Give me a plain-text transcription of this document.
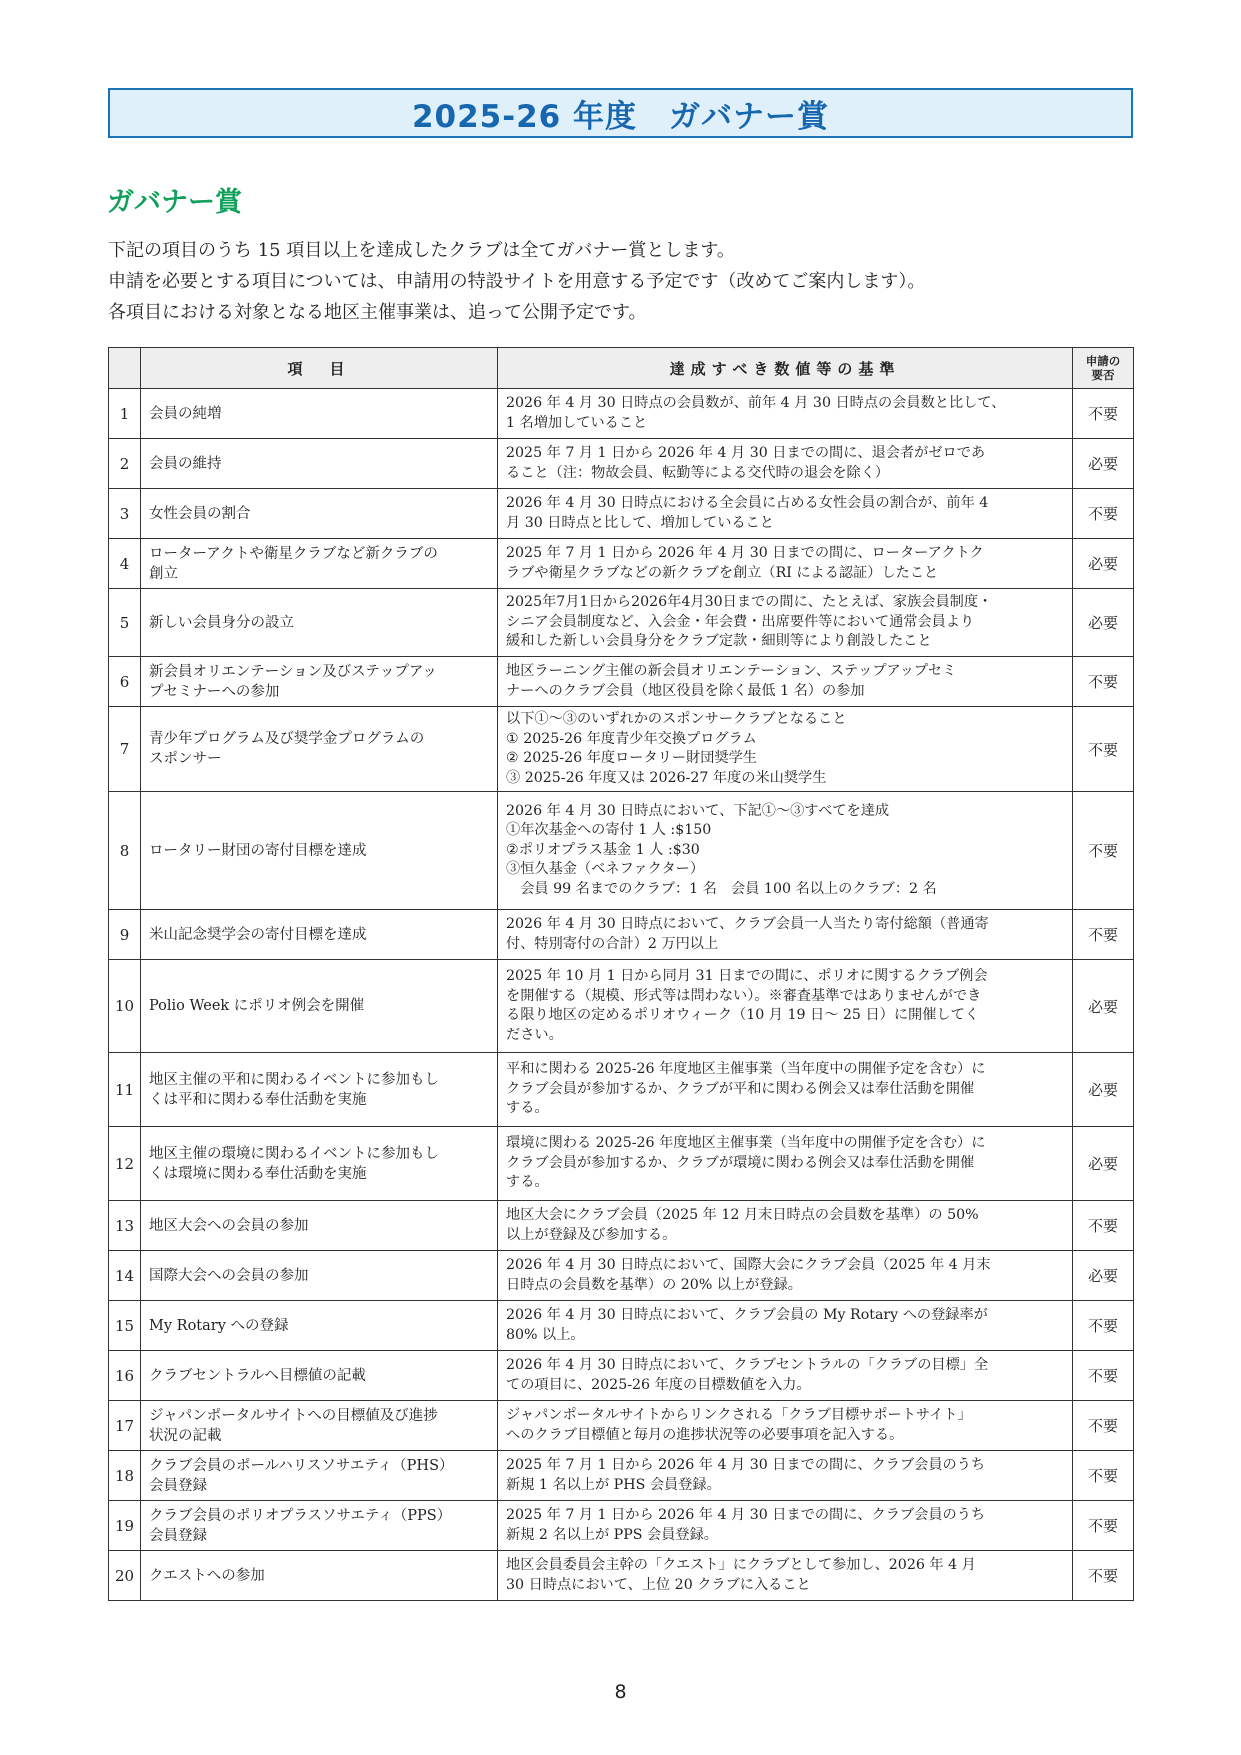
2025-26 年度　ガバナー賞
ガバナー賞

下記の項目のうち 15 項目以上を達成したクラブは全てガバナー賞とします。

申請を必要とする項目については、申請用の特設サイトを用意する予定です（改めてご案内します）。

各項目における対象となる地区主催事業は、追って公開予定です。

	項　目	達成すべき数値等の基準	申請の
要否
1	会員の純増	2026 年 4 月 30 日時点の会員数が、前年 4 月 30 日時点の会員数と比して、
1 名増加していること	不要
2	会員の維持	2025 年 7 月 1 日から 2026 年 4 月 30 日までの間に、退会者がゼロであ
ること（注：物故会員、転勤等による交代時の退会を除く）	必要
3	女性会員の割合	2026 年 4 月 30 日時点における全会員に占める女性会員の割合が、前年 4
月 30 日時点と比して、増加していること	不要
4	ローターアクトや衛星クラブなど新クラブの
創立	2025 年 7 月 1 日から 2026 年 4 月 30 日までの間に、ローターアクトク
ラブや衛星クラブなどの新クラブを創立（RI による認証）したこと	必要
5	新しい会員身分の設立	2025年7月1日から2026年4月30日までの間に、たとえば、家族会員制度・
シニア会員制度など、入会金・年会費・出席要件等において通常会員より
緩和した新しい会員身分をクラブ定款・細則等により創設したこと	必要
6	新会員オリエンテーション及びステップアッ
プセミナーへの参加	地区ラーニング主催の新会員オリエンテーション、ステップアップセミ
ナーへのクラブ会員（地区役員を除く最低 1 名）の参加	不要
7	青少年プログラム及び奨学金プログラムの
スポンサー	以下①～③のいずれかのスポンサークラブとなること
① 2025-26 年度青少年交換プログラム
② 2025-26 年度ロータリー財団奨学生
③ 2025-26 年度又は 2026-27 年度の米山奨学生	不要
8	ロータリー財団の寄付目標を達成	2026 年 4 月 30 日時点において、下記①～③すべてを達成
①年次基金への寄付 1 人 :$150
②ポリオプラス基金 1 人 :$30
③恒久基金（ベネファクター）
　会員 99 名までのクラブ：1 名　会員 100 名以上のクラブ：2 名	不要
9	米山記念奨学会の寄付目標を達成	2026 年 4 月 30 日時点において、クラブ会員一人当たり寄付総額（普通寄
付、特別寄付の合計）2 万円以上	不要
10	Polio Week にポリオ例会を開催	2025 年 10 月 1 日から同月 31 日までの間に、ポリオに関するクラブ例会
を開催する（規模、形式等は問わない）。※審査基準ではありませんができ
る限り地区の定めるポリオウィーク（10 月 19 日～ 25 日）に開催してく
ださい。	必要
11	地区主催の平和に関わるイベントに参加もし
くは平和に関わる奉仕活動を実施	平和に関わる 2025-26 年度地区主催事業（当年度中の開催予定を含む）に
クラブ会員が参加するか、クラブが平和に関わる例会又は奉仕活動を開催
する。	必要
12	地区主催の環境に関わるイベントに参加もし
くは環境に関わる奉仕活動を実施	環境に関わる 2025-26 年度地区主催事業（当年度中の開催予定を含む）に
クラブ会員が参加するか、クラブが環境に関わる例会又は奉仕活動を開催
する。	必要
13	地区大会への会員の参加	地区大会にクラブ会員（2025 年 12 月末日時点の会員数を基準）の 50%
以上が登録及び参加する。	不要
14	国際大会への会員の参加	2026 年 4 月 30 日時点において、国際大会にクラブ会員（2025 年 4 月末
日時点の会員数を基準）の 20% 以上が登録。	必要
15	My Rotary への登録	2026 年 4 月 30 日時点において、クラブ会員の My Rotary への登録率が
80% 以上。	不要
16	クラブセントラルへ目標値の記載	2026 年 4 月 30 日時点において、クラブセントラルの「クラブの目標」全
ての項目に、2025-26 年度の目標数値を入力。	不要
17	ジャパンポータルサイトへの目標値及び進捗
状況の記載	ジャパンポータルサイトからリンクされる「クラブ目標サポートサイト」
へのクラブ目標値と毎月の進捗状況等の必要事項を記入する。	不要
18	クラブ会員のポールハリスソサエティ（PHS）
会員登録	2025 年 7 月 1 日から 2026 年 4 月 30 日までの間に、クラブ会員のうち
新規 1 名以上が PHS 会員登録。	不要
19	クラブ会員のポリオプラスソサエティ（PPS）
会員登録	2025 年 7 月 1 日から 2026 年 4 月 30 日までの間に、クラブ会員のうち
新規 2 名以上が PPS 会員登録。	不要
20	クエストへの参加	地区会員委員会主幹の「クエスト」にクラブとして参加し、2026 年 4 月
30 日時点において、上位 20 クラブに入ること	不要
8
